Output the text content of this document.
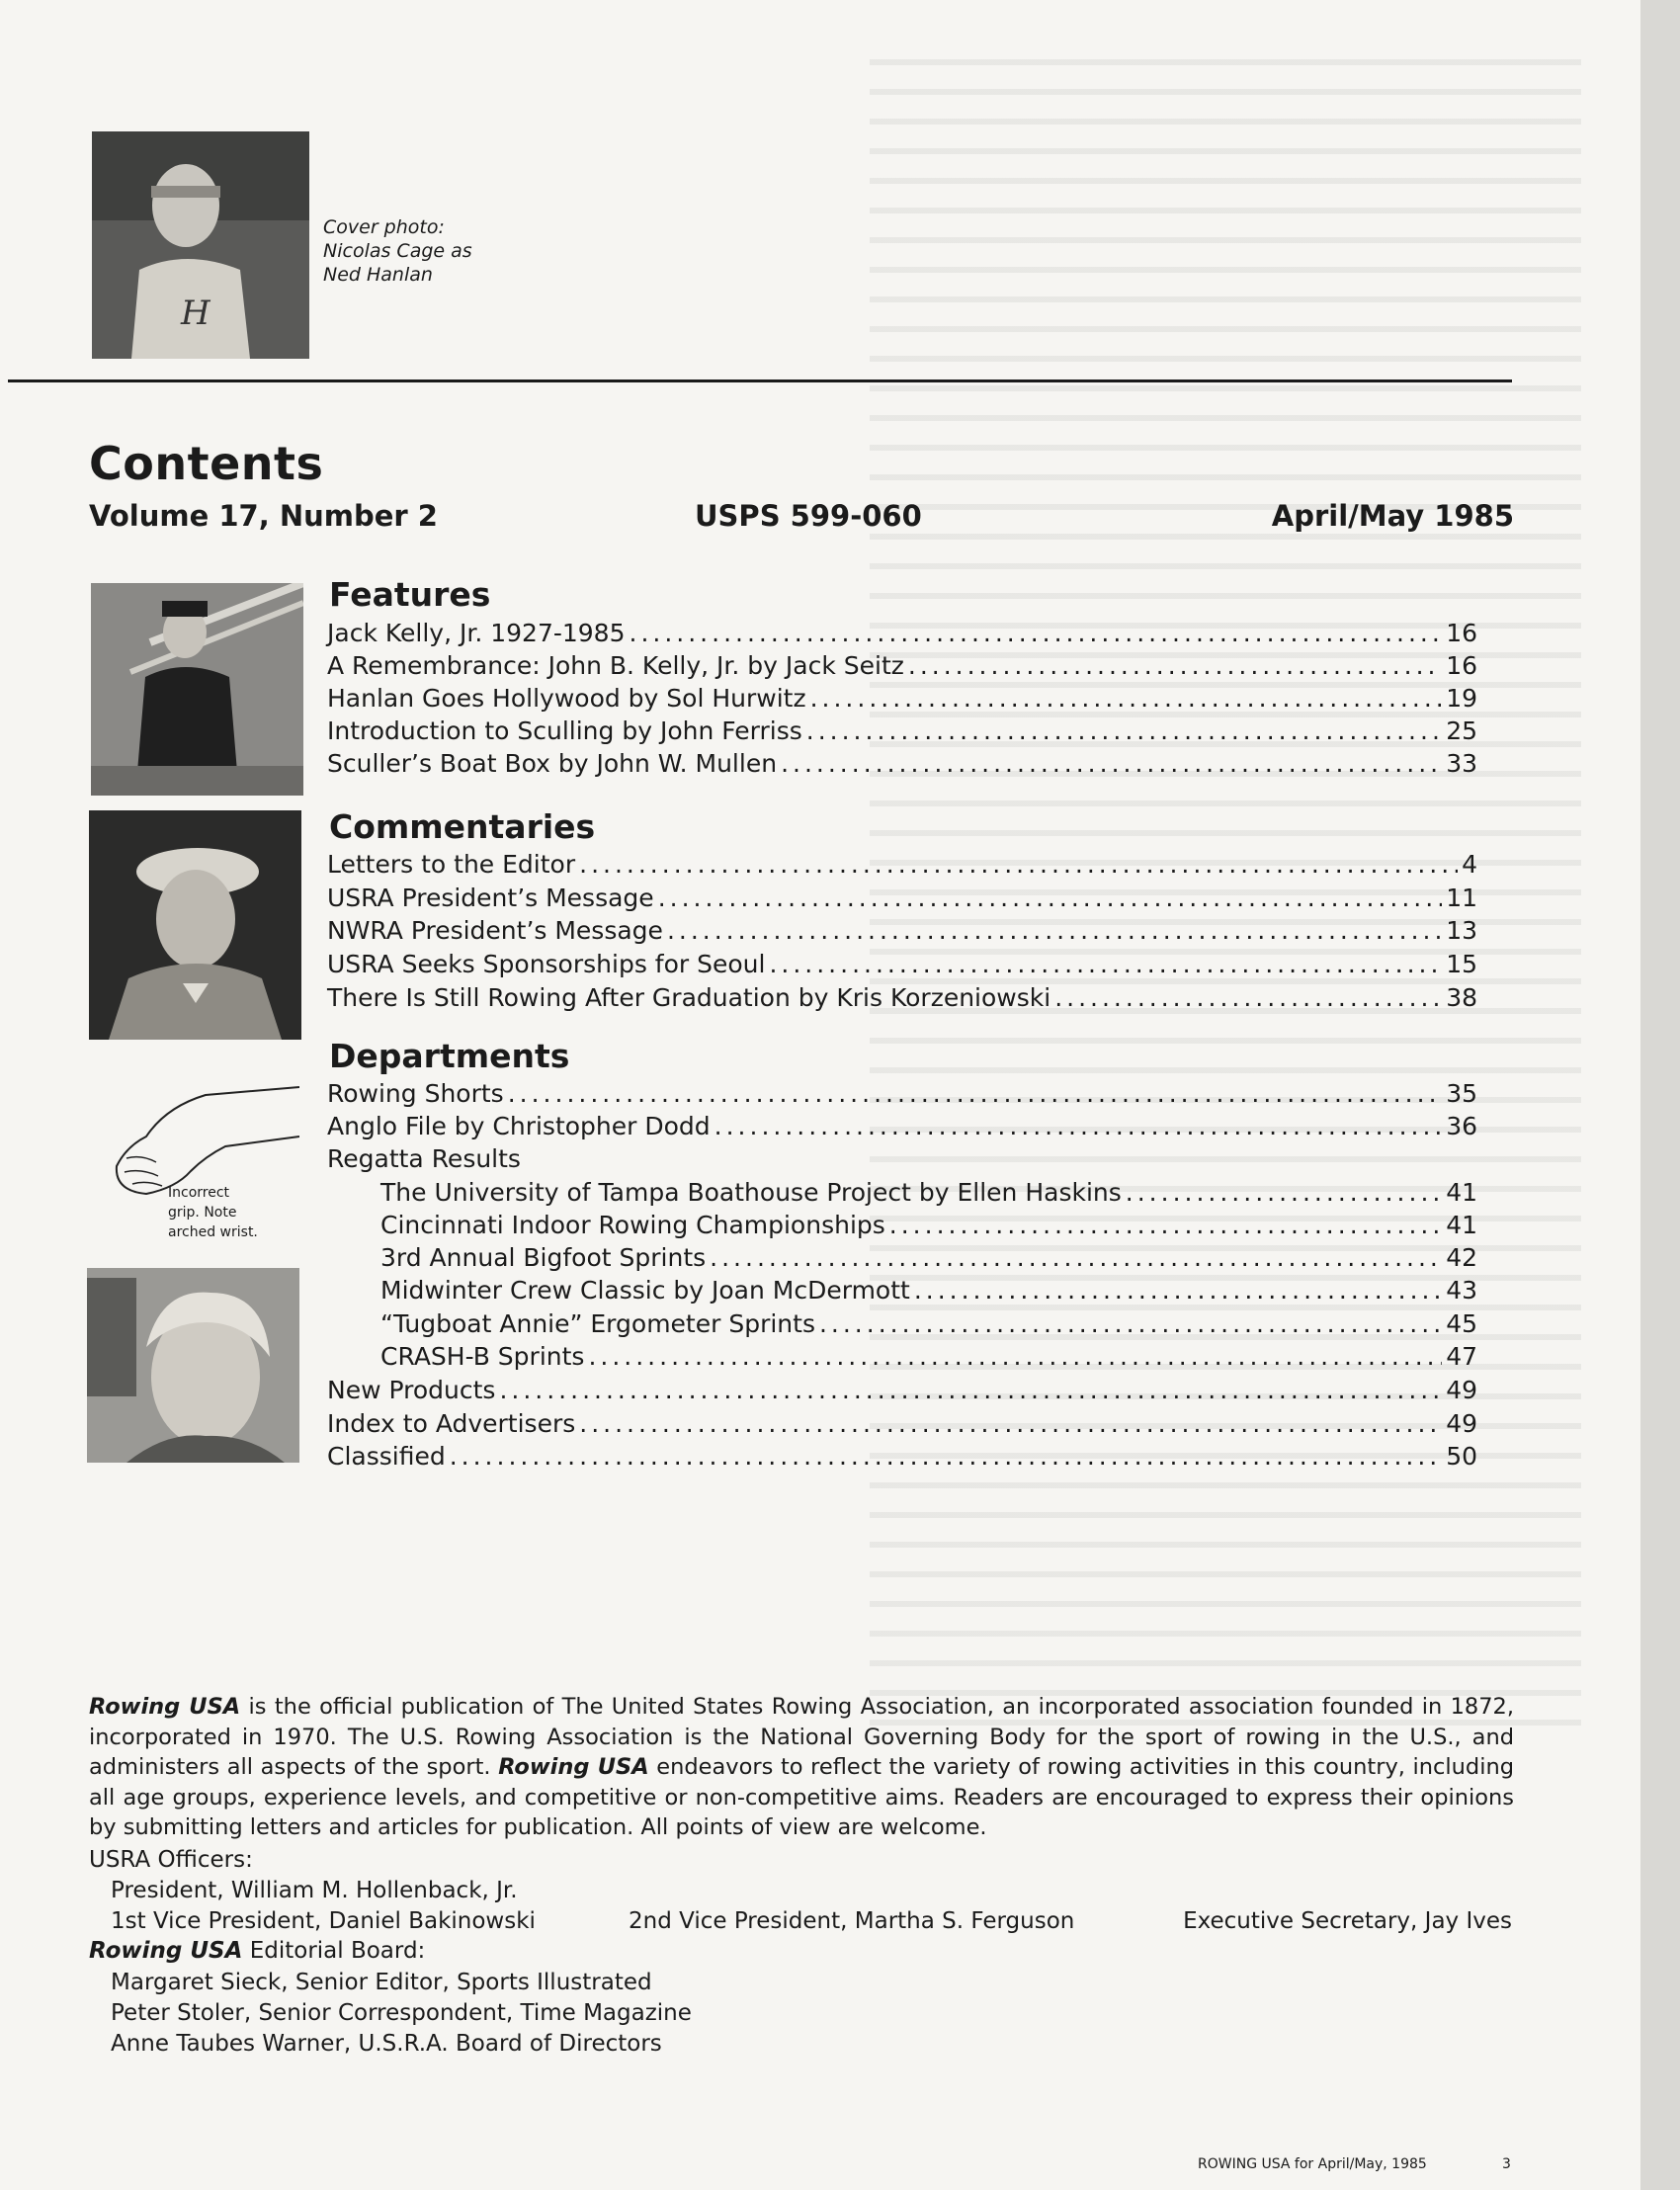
H
Cover photo:
Nicolas Cage as
Ned Hanlan
Contents
Volume 17, Number 2	USPS 599-060	April/May 1985
Features
Jack Kelly, Jr. 1927-1985 .....	16
A Remembrance: John B. Kelly, Jr. by Jack Seitz .....	16
Hanlan Goes Hollywood by Sol Hurwitz .....	19
Introduction to Sculling by John Ferriss .....	25
Sculler’s Boat Box by John W. Mullen .....	33
Commentaries
Letters to the Editor .....	4
USRA President’s Message .....	11
NWRA President’s Message .....	13
USRA Seeks Sponsorships for Seoul .....	15
There Is Still Rowing After Graduation by Kris Korzeniowski .....	38
Incorrect
grip. Note
arched wrist.
Departments
Rowing Shorts .....	35
Anglo File by Christopher Dodd .....	36
Regatta Results
The University of Tampa Boathouse Project by Ellen Haskins .....	41
Cincinnati Indoor Rowing Championships .....	41
3rd Annual Bigfoot Sprints .....	42
Midwinter Crew Classic by Joan McDermott .....	43
“Tugboat Annie” Ergometer Sprints .....	45
CRASH-B Sprints .....	47
New Products .....	49
Index to Advertisers .....	49
Classified .....	50
Rowing USA is the official publication of The United States Rowing Association, an incorporated association founded in 1872, incorporated in 1970. The U.S. Rowing Association is the National Governing Body for the sport of rowing in the U.S., and administers all aspects of the sport. Rowing USA endeavors to reflect the variety of rowing activities in this country, including all age groups, experience levels, and competitive or non-competitive aims. Readers are encouraged to express their opinions by submitting letters and articles for publication. All points of view are welcome.
USRA Officers:
President, William M. Hollenback, Jr.
1st Vice President, Daniel Bakinowski	2nd Vice President, Martha S. Ferguson	Executive Secretary, Jay Ives
Rowing USA Editorial Board:
Margaret Sieck, Senior Editor, Sports Illustrated
Peter Stoler, Senior Correspondent, Time Magazine
Anne Taubes Warner, U.S.R.A. Board of Directors
ROWING USA for April/May, 1985	3
